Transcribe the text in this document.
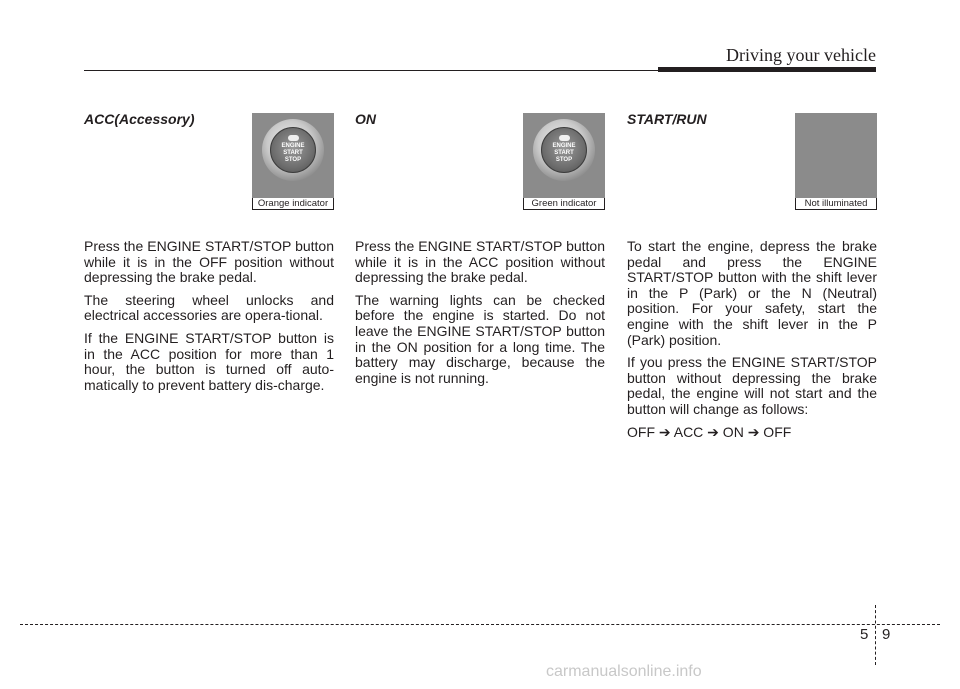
Driving your vehicle
ACC(Accessory)
ENGINE
START
STOP
Orange indicator

Press the ENGINE START/STOP button while it is in the OFF position without depressing the brake pedal.

The steering wheel unlocks and electrical accessories are opera-tional.

If the ENGINE START/STOP button is in the ACC position for more than 1 hour, the button is turned off auto-matically to prevent battery dis-charge.

ON
ENGINE
START
STOP
Green indicator

Press the ENGINE START/STOP button while it is in the ACC position without depressing the brake pedal.

The warning lights can be checked before the engine is started. Do not leave the ENGINE START/STOP button in the ON position for a long time. The battery may discharge, because the engine is not running.

START/RUN
Not illuminated

To start the engine, depress the brake pedal and press the ENGINE START/STOP button with the shift lever in the P (Park) or the N (Neutral) position. For your safety, start the engine with the shift lever in the P (Park) position.

If you press the ENGINE START/STOP button without depressing the brake pedal, the engine will not start and the button will change as follows:

OFF ➔ ACC ➔ ON ➔ OFF

5 9
carmanualsonline.info
